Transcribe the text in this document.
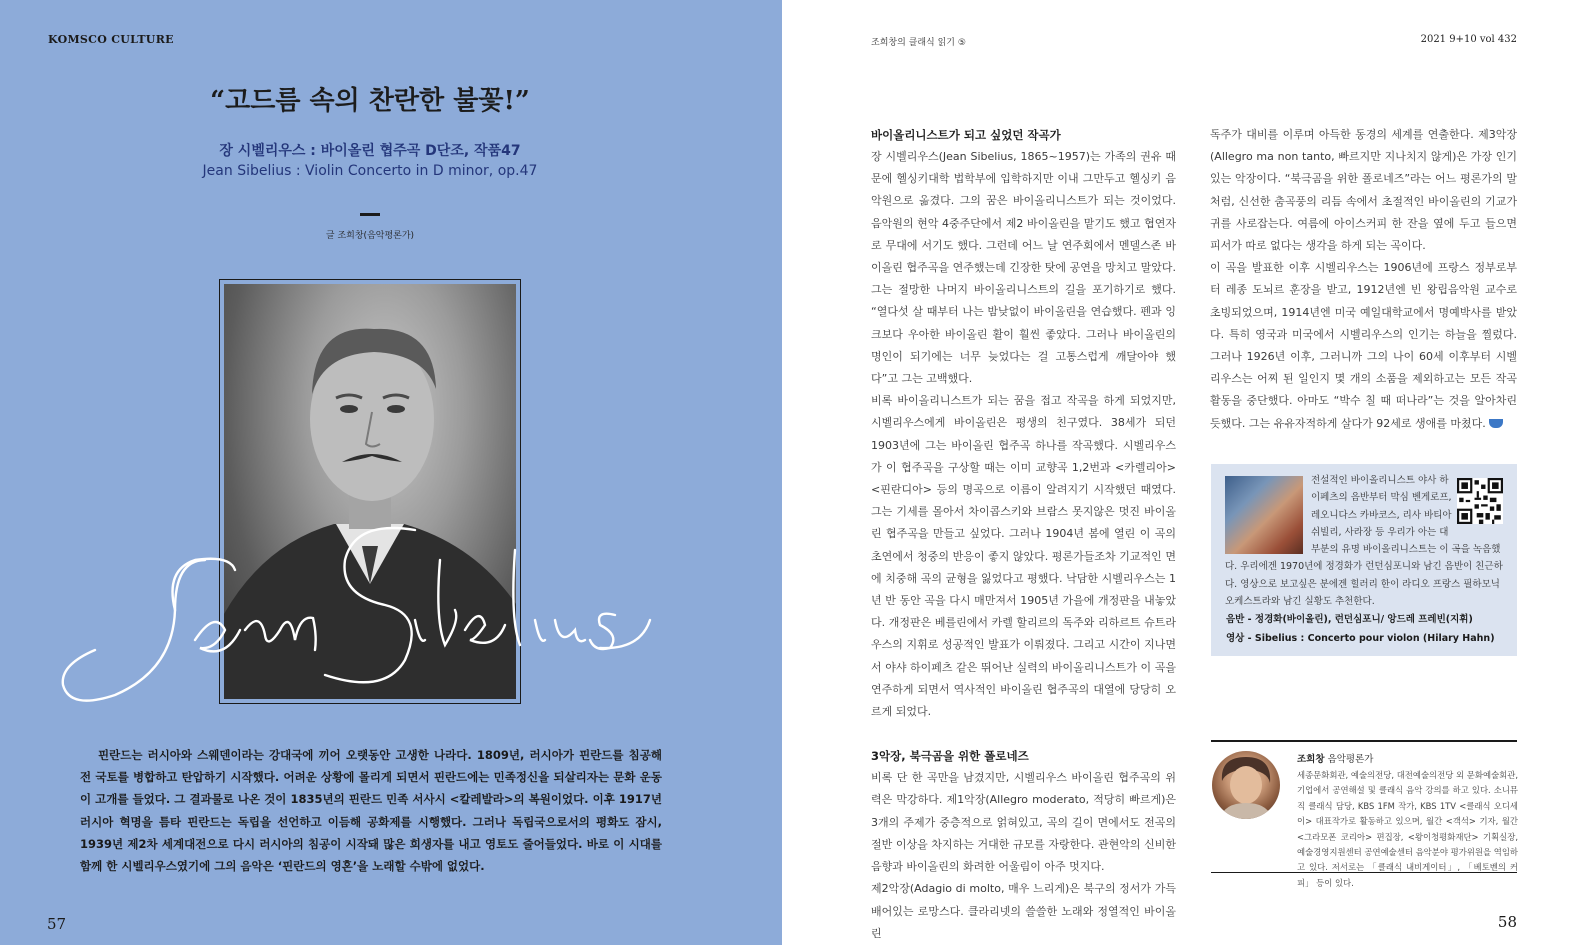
KOMSCO CULTURE
“고드름 속의 찬란한 불꽃!”
장 시벨리우스 : 바이올린 협주곡 D단조, 작품47
Jean Sibelius : Violin Concerto in D minor, op.47
글 조희창(음악평론가)

핀란드는 러시아와 스웨덴이라는 강대국에 끼어 오랫동안 고생한 나라다. 1809년, 러시아가 핀란드를 침공해 전 국토를 병합하고 탄압하기 시작했다. 어려운 상황에 몰리게 되면서 핀란드에는 민족정신을 되살리자는 문화 운동이 고개를 들었다. 그 결과물로 나온 것이 1835년의 핀란드 민족 서사시 <칼레발라>의 복원이었다. 이후 1917년 러시아 혁명을 틈타 핀란드는 독립을 선언하고 이듬해 공화제를 시행했다. 그러나 독립국으로서의 평화도 잠시, 1939년 제2차 세계대전으로 다시 러시아의 침공이 시작돼 많은 희생자를 내고 영토도 줄어들었다. 바로 이 시대를 함께 한 시벨리우스였기에 그의 음악은 ‘핀란드의 영혼’을 노래할 수밖에 없었다.

57
조희창의 클래식 읽기 ⑤	2021 9+10 vol 432
바이올리니스트가 되고 싶었던 작곡가

장 시벨리우스(Jean Sibelius, 1865~1957)는 가족의 권유 때문에 헬싱키대학 법학부에 입학하지만 이내 그만두고 헬싱키 음악원으로 옮겼다. 그의 꿈은 바이올리니스트가 되는 것이었다. 음악원의 현악 4중주단에서 제2 바이올린을 맡기도 했고 협연자로 무대에 서기도 했다. 그런데 어느 날 연주회에서 멘델스존 바이올린 협주곡을 연주했는데 긴장한 탓에 공연을 망치고 말았다. 그는 절망한 나머지 바이올리니스트의 길을 포기하기로 했다. “열다섯 살 때부터 나는 밤낮없이 바이올린을 연습했다. 펜과 잉크보다 우아한 바이올린 활이 훨씬 좋았다. 그러나 바이올린의 명인이 되기에는 너무 늦었다는 걸 고통스럽게 깨달아야 했다”고 그는 고백했다.

비록 바이올리니스트가 되는 꿈을 접고 작곡을 하게 되었지만, 시벨리우스에게 바이올린은 평생의 친구였다. 38세가 되던 1903년에 그는 바이올린 협주곡 하나를 작곡했다. 시벨리우스가 이 협주곡을 구상할 때는 이미 교향곡 1,2번과 <카렐리아> <핀란디아> 등의 명곡으로 이름이 알려지기 시작했던 때였다. 그는 기세를 몰아서 차이콥스키와 브람스 못지않은 멋진 바이올린 협주곡을 만들고 싶었다. 그러나 1904년 봄에 열린 이 곡의 초연에서 청중의 반응이 좋지 않았다. 평론가들조차 기교적인 면에 치중해 곡의 균형을 잃었다고 평했다. 낙담한 시벨리우스는 1년 반 동안 곡을 다시 매만져서 1905년 가을에 개정판을 내놓았다. 개정판은 베를린에서 카렐 할리르의 독주와 리하르트 슈트라우스의 지휘로 성공적인 발표가 이뤄졌다. 그리고 시간이 지나면서 야샤 하이페츠 같은 뛰어난 실력의 바이올리니스트가 이 곡을 연주하게 되면서 역사적인 바이올린 협주곡의 대열에 당당히 오르게 되었다.

3악장, 북극곰을 위한 폴로네즈

비록 단 한 곡만을 남겼지만, 시벨리우스 바이올린 협주곡의 위력은 막강하다. 제1악장(Allegro moderato, 적당히 빠르게)은 3개의 주제가 중층적으로 얽혀있고, 곡의 길이 면에서도 전곡의 절반 이상을 차지하는 거대한 규모를 자랑한다. 관현악의 신비한 음향과 바이올린의 화려한 어울림이 아주 멋지다.

제2악장(Adagio di molto, 매우 느리게)은 북구의 정서가 가득 배어있는 로망스다. 클라리넷의 쓸쓸한 노래와 정열적인 바이올린

독주가 대비를 이루며 아득한 동경의 세계를 연출한다. 제3악장(Allegro ma non tanto, 빠르지만 지나치지 않게)은 가장 인기있는 악장이다. “북극곰을 위한 폴로네즈”라는 어느 평론가의 말처럼, 신선한 춤곡풍의 리듬 속에서 초절적인 바이올린의 기교가 귀를 사로잡는다. 여름에 아이스커피 한 잔을 옆에 두고 들으면 피서가 따로 없다는 생각을 하게 되는 곡이다.

이 곡을 발표한 이후 시벨리우스는 1906년에 프랑스 정부로부터 레종 도뇌르 훈장을 받고, 1912년엔 빈 왕립음악원 교수로 초빙되었으며, 1914년엔 미국 예일대학교에서 명예박사를 받았다. 특히 영국과 미국에서 시벨리우스의 인기는 하늘을 찔렀다. 그러나 1926년 이후, 그러니까 그의 나이 60세 이후부터 시벨리우스는 어찌 된 일인지 몇 개의 소품을 제외하고는 모든 작곡 활동을 중단했다. 아마도 “박수 칠 때 떠나라”는 것을 알아차린 듯했다. 그는 유유자적하게 살다가 92세로 생애를 마쳤다.

전설적인 바이올리니스트 야사 하이페츠의 음반부터 막심 벤게로프, 레오니다스 카바코스, 리사 바티아쉬빌리, 사라장 등 우리가 아는 대부분의 유명 바이올리니스트는 이 곡을 녹음했다. 우리에겐 1970년에 정경화가 런던심포니와 남긴 음반이 친근하다. 영상으로 보고싶은 분에겐 힐러리 한이 라디오 프랑스 필하모닉 오케스트라와 남긴 실황도 추천한다.
음반 - 정경화(바이올린), 런던심포니/ 앙드레 프레빈(지휘)
영상 - Sibelius : Concerto pour violon (Hilary Hahn)
조희창 음악평론가

세종문화회관, 예술의전당, 대전예술의전당 외 문화예술회관, 기업에서 공연해설 및 클래식 음악 강의를 하고 있다. 소니뮤직 클래식 담당, KBS 1FM 작가, KBS 1TV <클래식 오디세이> 대표작가로 활동하고 있으며, 월간 <객석> 기자, 월간 <그라모폰 코리아> 편집장, <왕이청평화재단> 기획실장, 예술경영지원센터 공연예술센터 음악분야 평가위원을 역임하고 있다. 저서로는 「클래식 내비게이터」, 「베토벤의 커피」 등이 있다.

58
